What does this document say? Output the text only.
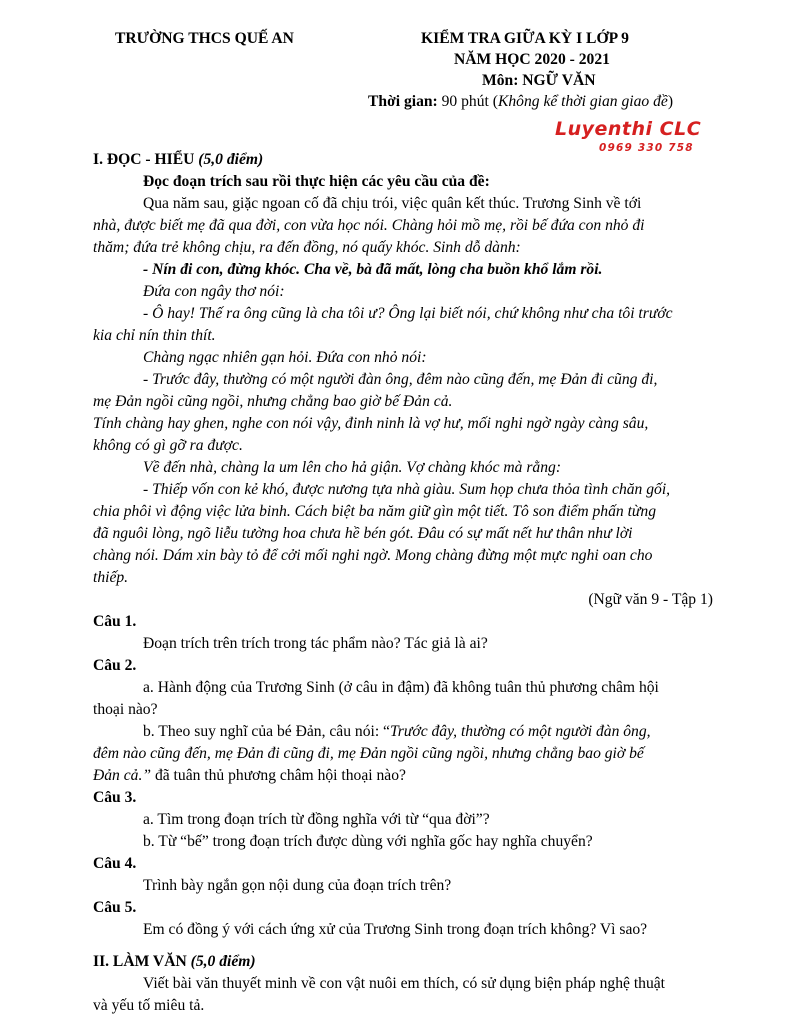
TRƯỜNG THCS QUẾ AN	KIỂM TRA GIỮA KỲ I LỚP 9
NĂM HỌC 2020 - 2021
Môn: NGỮ VĂN
Thời gian: 90 phút (Không kể thời gian giao đề)
Luyenthi CLC
0969 330 758
I. ĐỌC - HIỂU (5,0 điểm)
Đọc đoạn trích sau rồi thực hiện các yêu cầu của đề:
Qua năm sau, giặc ngoan cố đã chịu trói, việc quân kết thúc. Trương Sinh về tới
nhà, được biết mẹ đã qua đời, con vừa học nói. Chàng hỏi mồ mẹ, rồi bế đứa con nhỏ đi
thăm; đứa trẻ không chịu, ra đến đồng, nó quấy khóc. Sinh dỗ dành:
- Nín đi con, đừng khóc. Cha về, bà đã mất, lòng cha buồn khổ lắm rồi.
Đứa con ngây thơ nói:
- Ô hay! Thế ra ông cũng là cha tôi ư? Ông lại biết nói, chứ không như cha tôi trước
kia chỉ nín thin thít.
Chàng ngạc nhiên gạn hỏi. Đứa con nhỏ nói:
- Trước đây, thường có một người đàn ông, đêm nào cũng đến, mẹ Đản đi cũng đi,
mẹ Đản ngồi cũng ngồi, nhưng chẳng bao giờ bế Đản cả.
Tính chàng hay ghen, nghe con nói vậy, đinh ninh là vợ hư, mối nghi ngờ ngày càng sâu,
không có gì gỡ ra được.
Về đến nhà, chàng la um lên cho hả giận. Vợ chàng khóc mà rằng:
- Thiếp vốn con kẻ khó, được nương tựa nhà giàu. Sum họp chưa thỏa tình chăn gối,
chia phôi vì động việc lửa binh. Cách biệt ba năm giữ gìn một tiết. Tô son điểm phấn từng
đã nguôi lòng, ngõ liễu tường hoa chưa hề bén gót. Đâu có sự mất nết hư thân như lời
chàng nói. Dám xin bày tỏ để cởi mối nghi ngờ. Mong chàng đừng một mực nghi oan cho
thiếp.
(Ngữ văn 9 - Tập 1)
Câu 1.
Đoạn trích trên trích trong tác phẩm nào? Tác giả là ai?
Câu 2.
a. Hành động của Trương Sinh (ở câu in đậm) đã không tuân thủ phương châm hội
thoại nào?
b. Theo suy nghĩ của bé Đản, câu nói: “Trước đây, thường có một người đàn ông,
đêm nào cũng đến, mẹ Đản đi cũng đi, mẹ Đản ngồi cũng ngồi, nhưng chẳng bao giờ bế
Đản cả.” đã tuân thủ phương châm hội thoại nào?
Câu 3.
a. Tìm trong đoạn trích từ đồng nghĩa với từ “qua đời”?
b. Từ “bế” trong đoạn trích được dùng với nghĩa gốc hay nghĩa chuyển?
Câu 4.
Trình bày ngắn gọn nội dung của đoạn trích trên?
Câu 5.
Em có đồng ý với cách ứng xử của Trương Sinh trong đoạn trích không? Vì sao?
II. LÀM VĂN (5,0 điểm)
Viết bài văn thuyết minh về con vật nuôi em thích, có sử dụng biện pháp nghệ thuật
và yếu tố miêu tả.
